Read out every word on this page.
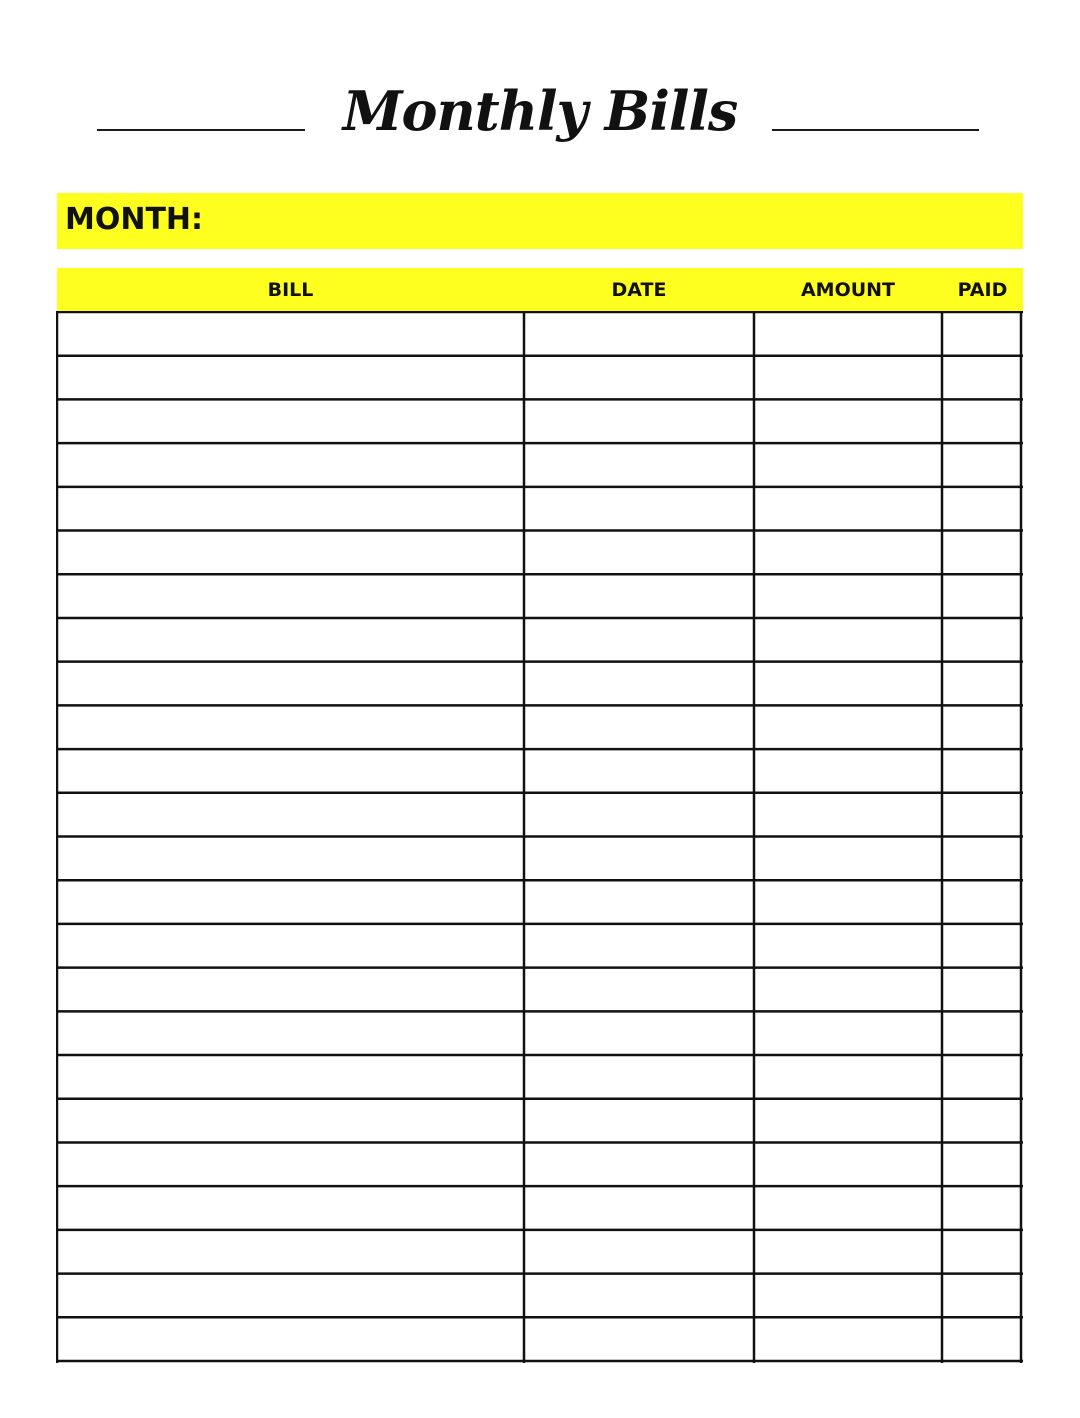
Monthly Bills
MONTH:
BILL	DATE	AMOUNT	PAID
